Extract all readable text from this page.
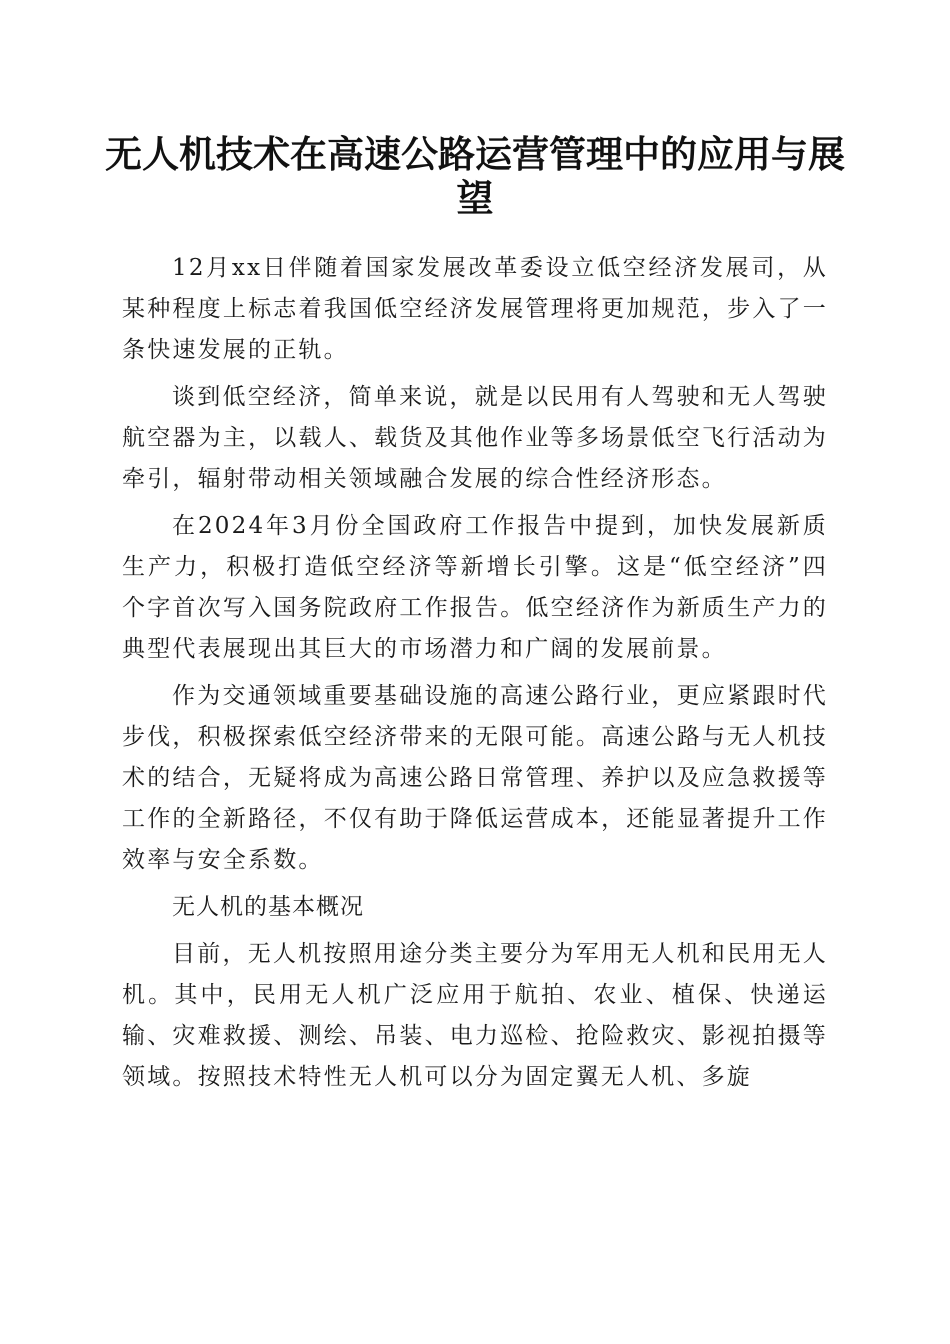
无人机技术在高速公路运营管理中的应用与展望

12月xx日伴随着国家发展改革委设立低空经济发展司，从某种程度上标志着我国低空经济发展管理将更加规范，步入了一条快速发展的正轨。

谈到低空经济，简单来说，就是以民用有人驾驶和无人驾驶航空器为主，以载人、载货及其他作业等多场景低空飞行活动为牵引，辐射带动相关领域融合发展的综合性经济形态。

在2024年3月份全国政府工作报告中提到，加快发展新质生产力，积极打造低空经济等新增长引擎。这是“低空经济”四个字首次写入国务院政府工作报告。低空经济作为新质生产力的典型代表展现出其巨大的市场潜力和广阔的发展前景。

作为交通领域重要基础设施的高速公路行业，更应紧跟时代步伐，积极探索低空经济带来的无限可能。高速公路与无人机技术的结合，无疑将成为高速公路日常管理、养护以及应急救援等工作的全新路径，不仅有助于降低运营成本，还能显著提升工作效率与安全系数。

无人机的基本概况

目前，无人机按照用途分类主要分为军用无人机和民用无人机。其中，民用无人机广泛应用于航拍、农业、植保、快递运输、灾难救援、测绘、吊装、电力巡检、抢险救灾、影视拍摄等领域。按照技术特性无人机可以分为固定翼无人机、多旋
